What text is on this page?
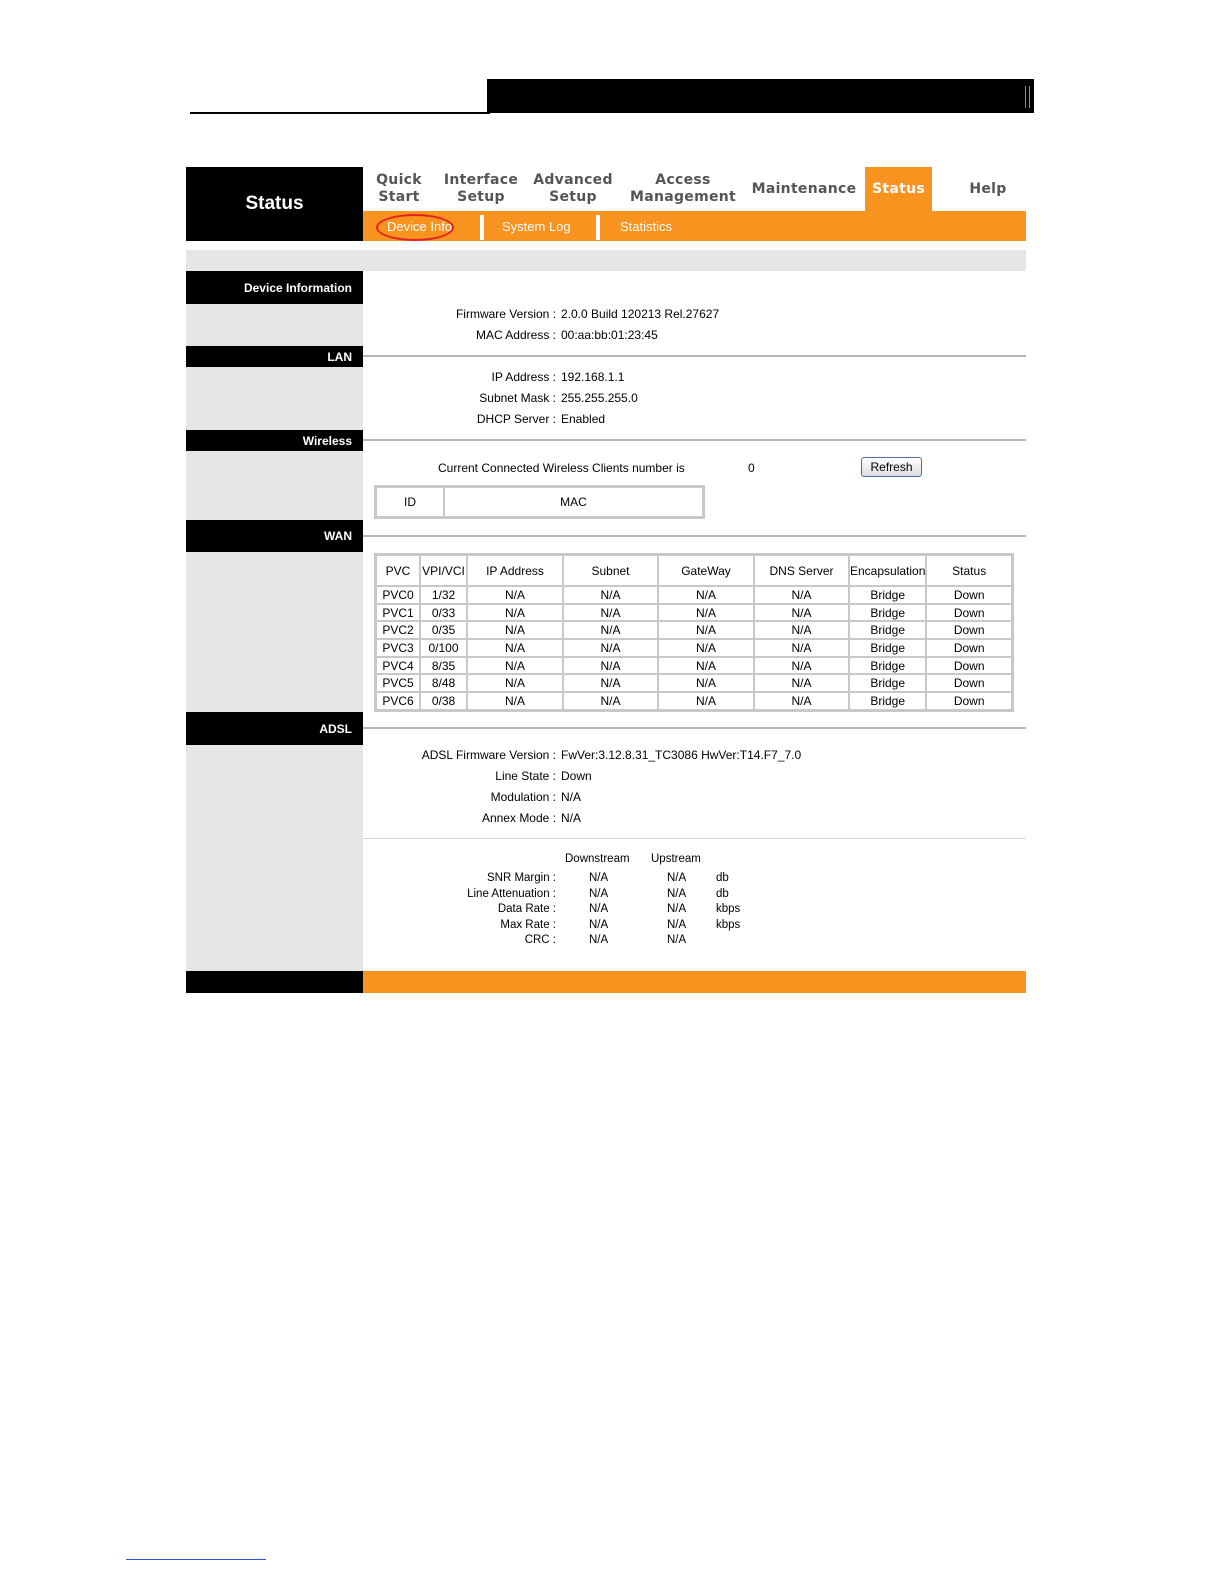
Status
Quick
Start
Interface
Setup
Advanced
Setup
Access
Management
Maintenance	Status	Help
Device Info	System Log	Statistics
Device Information
Firmware Version : 2.0.0 Build 120213 Rel.27627
MAC Address : 00:aa:bb:01:23:45
LAN
IP Address : 192.168.1.1
Subnet Mask : 255.255.255.0
DHCP Server : Enabled
Wireless
Current Connected Wireless Clients number is	0	Refresh
ID	MAC
WAN
PVC	VPI/VCI	IP Address	Subnet	GateWay	DNS Server	Encapsulation	Status
PVC0	1/32	N/A	N/A	N/A	N/A	Bridge	Down
PVC1	0/33	N/A	N/A	N/A	N/A	Bridge	Down
PVC2	0/35	N/A	N/A	N/A	N/A	Bridge	Down
PVC3	0/100	N/A	N/A	N/A	N/A	Bridge	Down
PVC4	8/35	N/A	N/A	N/A	N/A	Bridge	Down
PVC5	8/48	N/A	N/A	N/A	N/A	Bridge	Down
PVC6	0/38	N/A	N/A	N/A	N/A	Bridge	Down
ADSL
ADSL Firmware Version : FwVer:3.12.8.31_TC3086 HwVer:T14.F7_7.0
Line State : Down
Modulation : N/A
Annex Mode : N/A
Downstream Upstream
SNR Margin :	N/A	N/A	db
Line Attenuation :	N/A	N/A	db
Data Rate :	N/A	N/A	kbps
Max Rate :	N/A	N/A	kbps
CRC :	N/A	N/A
